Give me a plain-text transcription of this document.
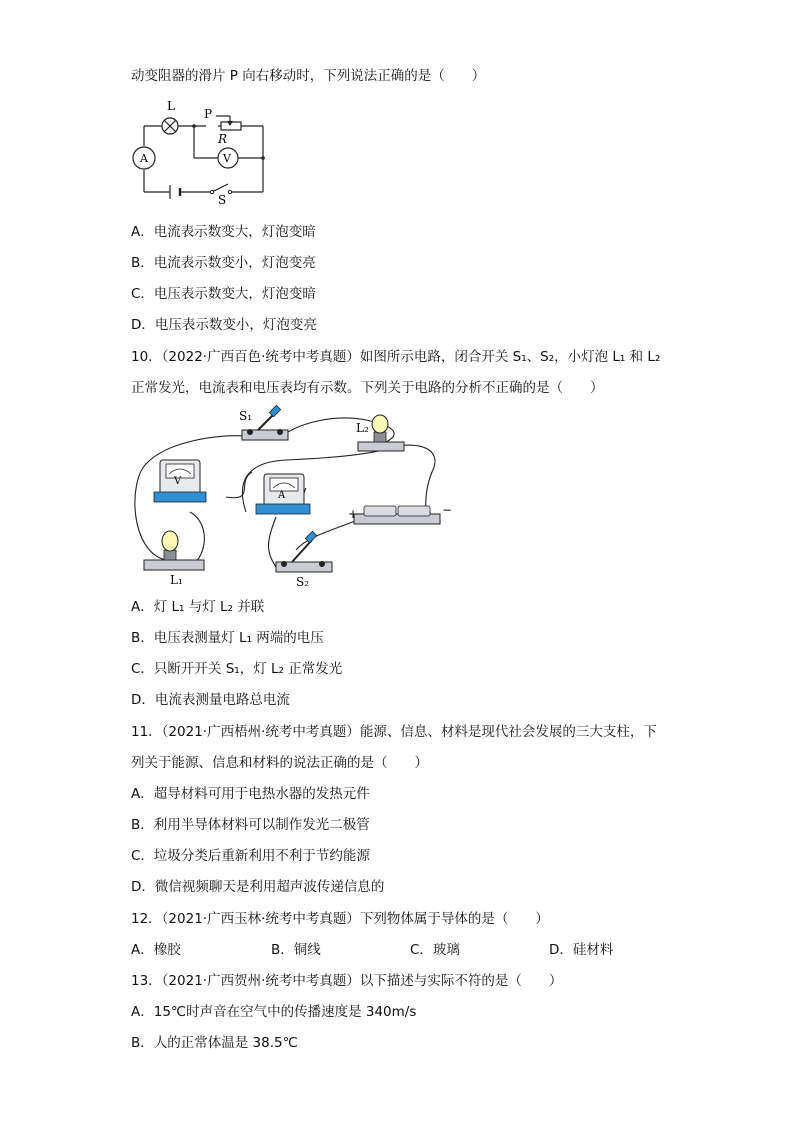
动变阻器的滑片 P 向右移动时，下列说法正确的是（　　）
L
P
R
A	V
S
A．电流表示数变大，灯泡变暗
B．电流表示数变小，灯泡变亮
C．电压表示数变大，灯泡变暗
D．电压表示数变小，灯泡变亮
10．（2022·广西百色·统考中考真题）如图所示电路，闭合开关 S₁、S₂，小灯泡 L₁ 和 L₂
正常发光，电流表和电压表均有示数。下列关于电路的分析不正确的是（　　）
S₁
L₂
V
A
+	−
L₁	S₂
A．灯 L₁ 与灯 L₂ 并联
B．电压表测量灯 L₁ 两端的电压
C．只断开开关 S₁，灯 L₂ 正常发光
D．电流表测量电路总电流
11．（2021·广西梧州·统考中考真题）能源、信息、材料是现代社会发展的三大支柱，下
列关于能源、信息和材料的说法正确的是（　　）
A．超导材料可用于电热水器的发热元件
B．利用半导体材料可以制作发光二极管
C．垃圾分类后重新利用不利于节约能源
D．微信视频聊天是利用超声波传递信息的
12．（2021·广西玉林·统考中考真题）下列物体属于导体的是（　　）
A．橡胶	B．铜线	C．玻璃	D．硅材料
13．（2021·广西贺州·统考中考真题）以下描述与实际不符的是（　　）
A．15℃时声音在空气中的传播速度是 340m/s
B．人的正常体温是 38.5℃
